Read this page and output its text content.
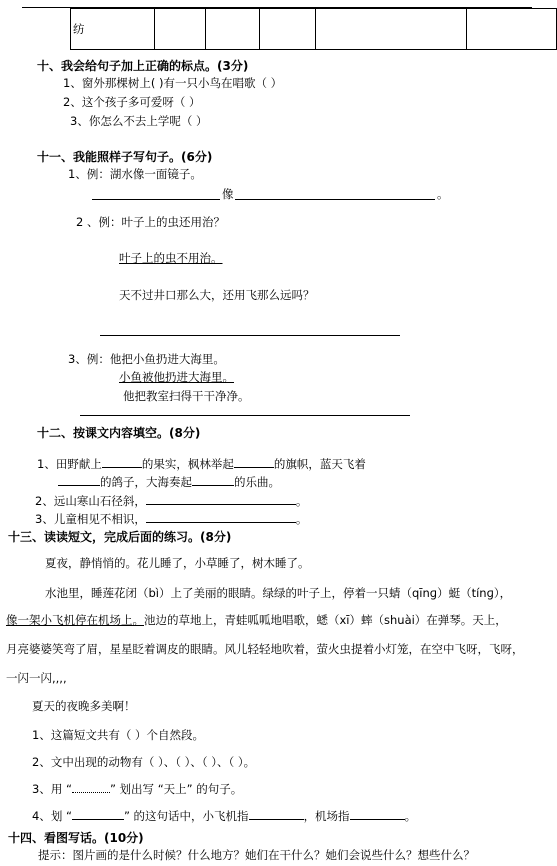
纺					
十、我会给句子加上正确的标点。(3分)
1、窗外那棵树上( )有一只小鸟在唱歌（ ）
2、这个孩子多可爱呀（ ）
3、你怎么不去上学呢（ ）
十一、我能照样子写句子。(6分)
1、例：湖水像一面镜子。
像	。
2 、例：叶子上的虫还用治？
叶子上的虫不用治。
天不过井口那么大，还用飞那么远吗？
3、例：他把小鱼扔进大海里。
小鱼被他扔进大海里。
他把教室扫得干干净净。
十二、按课文内容填空。(8分)
1、田野献上	的果实，枫林举起	的旗帜，蓝天飞着
的鸽子，大海奏起	的乐曲。
2、远山寒山石径斜，	。
3、儿童相见不相识，	。
十三、读读短文，完成后面的练习。(8分)
夏夜，静悄悄的。花儿睡了，小草睡了，树木睡了。
水池里，睡莲花闭（bì）上了美丽的眼睛。绿绿的叶子上，停着一只蜻（qīnɡ）蜓（tínɡ），
像一架小飞机停在机场上。池边的草地上，青蛙呱呱地唱歌，蟋（xī）蟀（shuài）在弹琴。天上，
月亮婆婆笑弯了眉，星星眨着调皮的眼睛。风儿轻轻地吹着，萤火虫提着小灯笼，在空中飞呀，飞呀，
一闪一闪,,,,
夏天的夜晚多美啊！
1、这篇短文共有（ ）个自然段。
2、文中出现的动物有（ ）、（ ）、（ ）、（ ）。
3、用 “	” 划出写 “天上” 的句子。
4、划 “	” 的这句话中，小飞机指	，机场指	。
十四、看图写话。(10分)
提示：图片画的是什么时候？什么地方？她们在干什么？她们会说些什么？想些什么？
